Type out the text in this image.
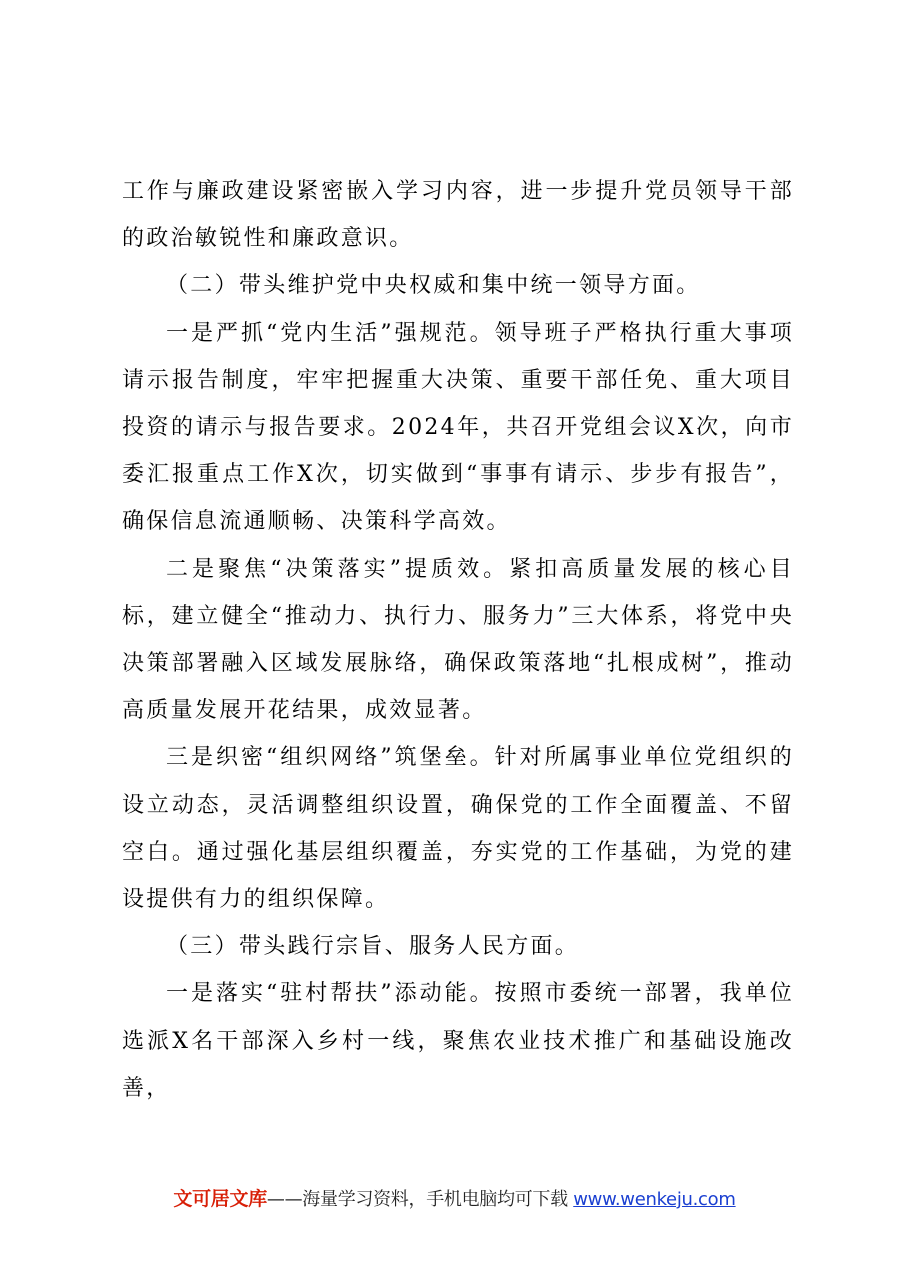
工作与廉政建设紧密嵌入学习内容，进一步提升党员领导干部的政治敏锐性和廉政意识。

（二）带头维护党中央权威和集中统一领导方面。

一是严抓“党内生活”强规范。领导班子严格执行重大事项请示报告制度，牢牢把握重大决策、重要干部任免、重大项目投资的请示与报告要求。2024年，共召开党组会议X次，向市委汇报重点工作X次，切实做到“事事有请示、步步有报告”，确保信息流通顺畅、决策科学高效。

二是聚焦“决策落实”提质效。紧扣高质量发展的核心目标，建立健全“推动力、执行力、服务力”三大体系，将党中央决策部署融入区域发展脉络，确保政策落地“扎根成树”，推动高质量发展开花结果，成效显著。

三是织密“组织网络”筑堡垒。针对所属事业单位党组织的设立动态，灵活调整组织设置，确保党的工作全面覆盖、不留空白。通过强化基层组织覆盖，夯实党的工作基础，为党的建设提供有力的组织保障。

（三）带头践行宗旨、服务人民方面。

一是落实“驻村帮扶”添动能。按照市委统一部署，我单位选派X名干部深入乡村一线，聚焦农业技术推广和基础设施改善，

文可居文库——海量学习资料，手机电脑均可下载 www.wenkeju.com
